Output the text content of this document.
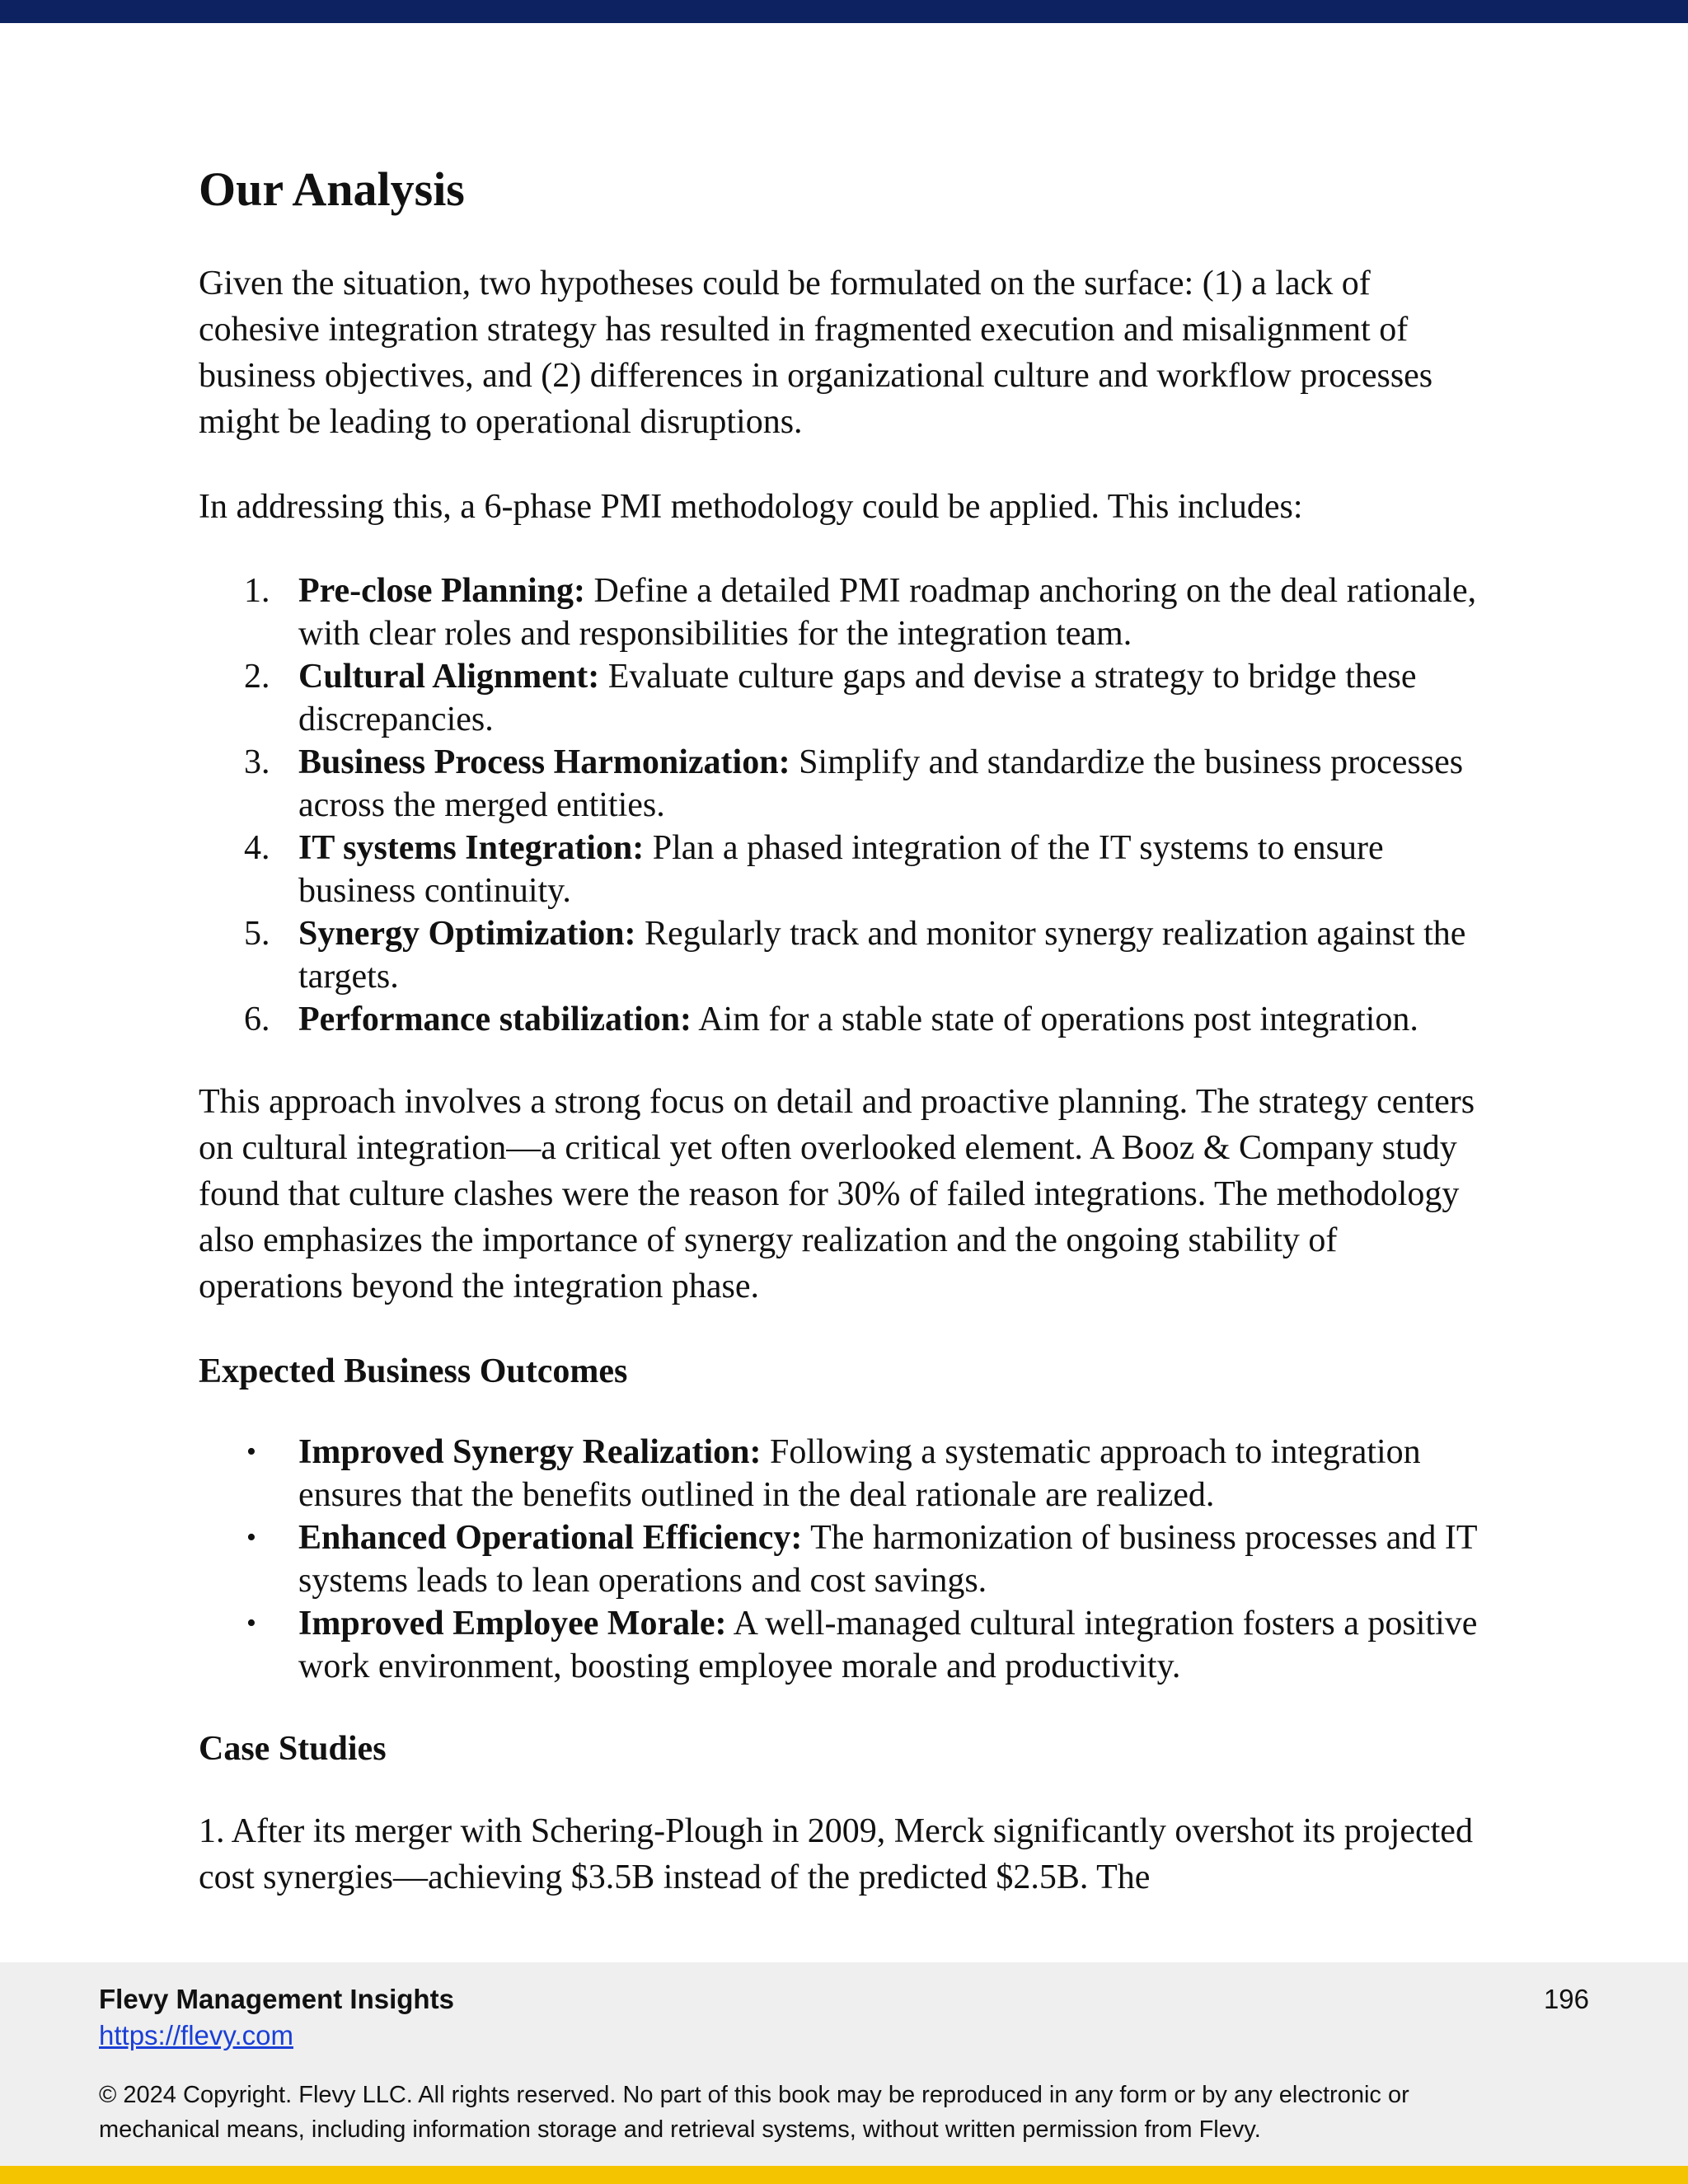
Our Analysis

Given the situation, two hypotheses could be formulated on the surface: (1) a lack of cohesive integration strategy has resulted in fragmented execution and misalignment of business objectives, and (2) differences in organizational culture and workflow processes might be leading to operational disruptions.

In addressing this, a 6-phase PMI methodology could be applied. This includes:

1. Pre-close Planning: Define a detailed PMI roadmap anchoring on the deal rationale, with clear roles and responsibilities for the integration team.
2. Cultural Alignment: Evaluate culture gaps and devise a strategy to bridge these discrepancies.
3. Business Process Harmonization: Simplify and standardize the business processes across the merged entities.
4. IT systems Integration: Plan a phased integration of the IT systems to ensure business continuity.
5. Synergy Optimization: Regularly track and monitor synergy realization against the targets.
6. Performance stabilization: Aim for a stable state of operations post integration.

This approach involves a strong focus on detail and proactive planning. The strategy centers on cultural integration—a critical yet often overlooked element. A Booz & Company study found that culture clashes were the reason for 30% of failed integrations. The methodology also emphasizes the importance of synergy realization and the ongoing stability of operations beyond the integration phase.

Expected Business Outcomes
•	Improved Synergy Realization: Following a systematic approach to integration ensures that the benefits outlined in the deal rationale are realized.
•	Enhanced Operational Efficiency: The harmonization of business processes and IT systems leads to lean operations and cost savings.
•	Improved Employee Morale: A well-managed cultural integration fosters a positive work environment, boosting employee morale and productivity.
Case Studies

1. After its merger with Schering-Plough in 2009, Merck significantly overshot its projected cost synergies—achieving $3.5B instead of the predicted $2.5B. The

Flevy Management Insights
https://flevy.com
196
© 2024 Copyright. Flevy LLC. All rights reserved. No part of this book may be reproduced in any form or by any electronic or mechanical means, including information storage and retrieval systems, without written permission from Flevy.
